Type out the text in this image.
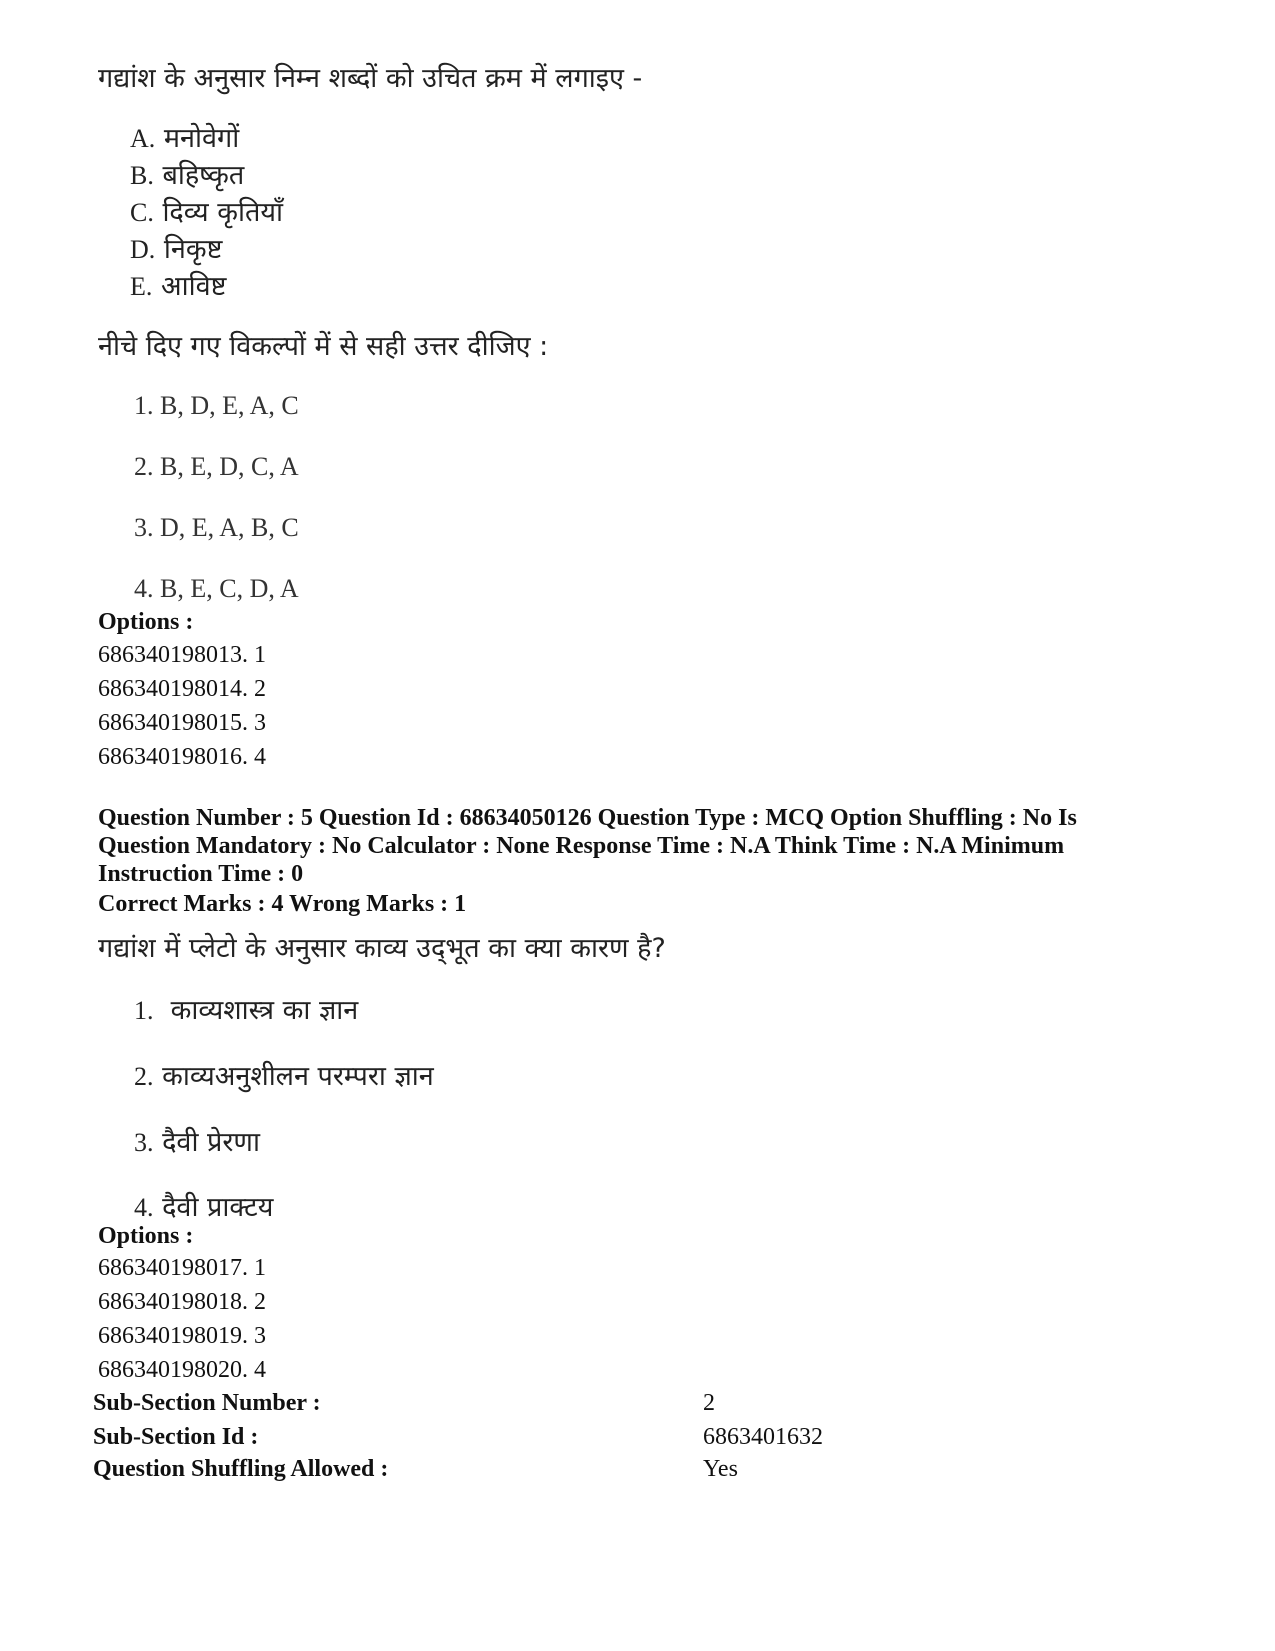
गद्यांश के अनुसार निम्न शब्दों को उचित क्रम में लगाइए -
A. मनोवेगों
B. बहिष्कृत
C. दिव्य कृतियाँ
D. निकृष्ट
E. आविष्ट
नीचे दिए गए विकल्पों में से सही उत्तर दीजिए :
1. B, D, E, A, C
2. B, E, D, C, A
3. D, E, A, B, C
4. B, E, C, D, A
Options :
686340198013. 1
686340198014. 2
686340198015. 3
686340198016. 4
Question Number : 5 Question Id : 68634050126 Question Type : MCQ Option Shuffling : No Is
Question Mandatory : No Calculator : None Response Time : N.A Think Time : N.A Minimum
Instruction Time : 0
Correct Marks : 4 Wrong Marks : 1
गद्यांश में प्लेटो के अनुसार काव्य उद्‌भूत का क्या कारण है?
1. काव्यशास्त्र का ज्ञान
2. काव्यअनुशीलन परम्परा ज्ञान
3. दैवी प्रेरणा
4. दैवी प्राक्टय
Options :
686340198017. 1
686340198018. 2
686340198019. 3
686340198020. 4
Sub-Section Number :	2
Sub-Section Id :	6863401632
Question Shuffling Allowed :	Yes
